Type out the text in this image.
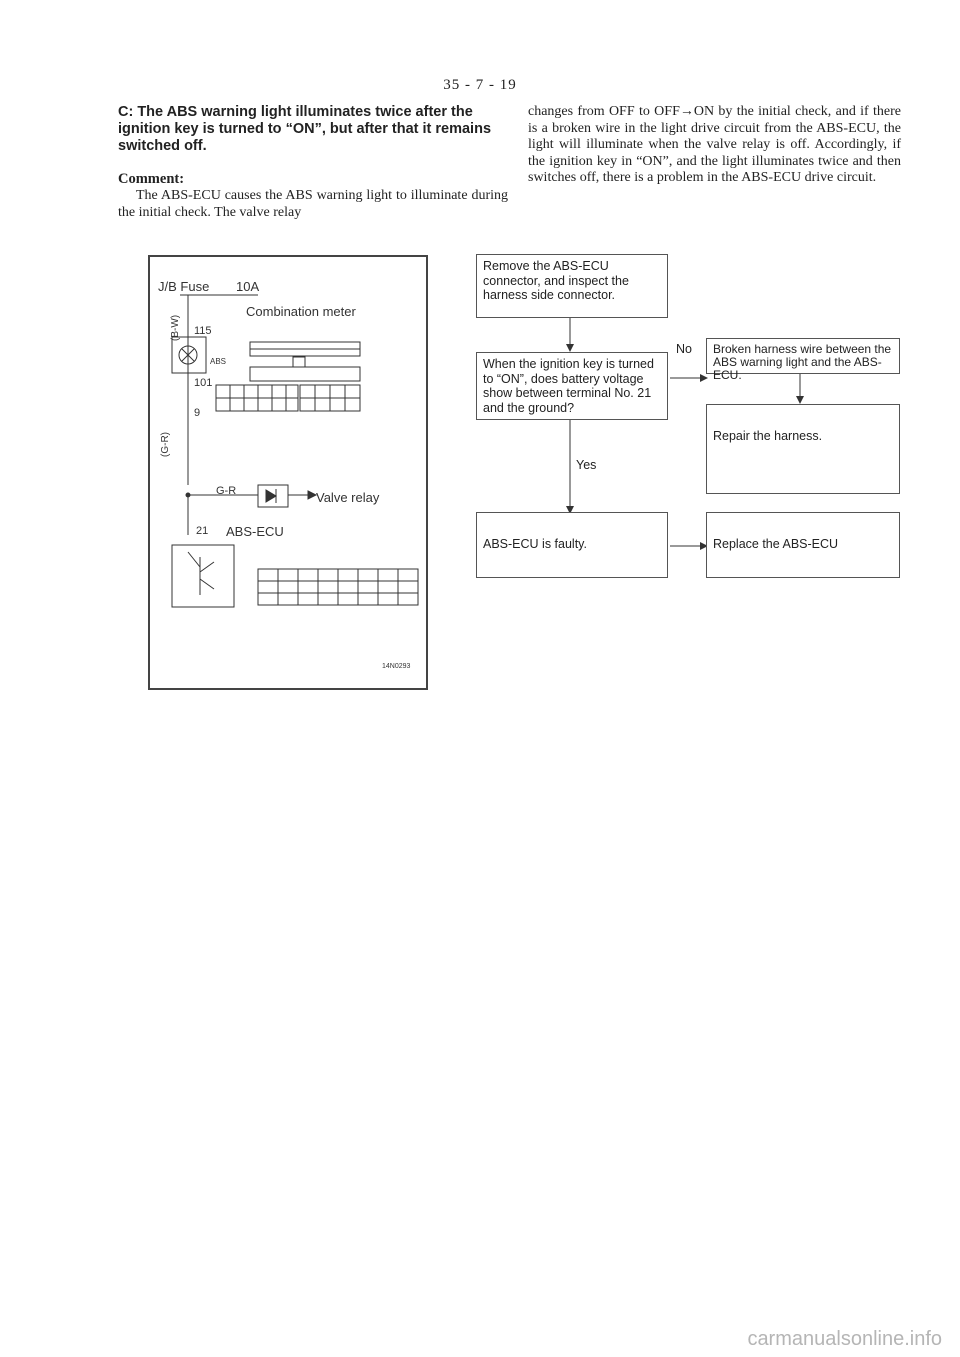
35 - 7 - 19
C: The ABS warning light illuminates twice after the ignition key is turned to “ON”, but after that it remains switched off.
Comment:
The ABS-ECU causes the ABS warning light to illuminate during the initial check. The valve relay
changes from OFF to OFF→ON by the initial check, and if there is a broken wire in the light drive circuit from the ABS-ECU, the light will illuminate when the valve relay is off. Accordingly, if the ignition key in “ON”, and the light illuminates twice and then switches off, there is a problem in the ABS-ECU drive circuit.
J/B Fuse 10A
Combination meter
(B-W) 115
ABS
101
9
(G-R)
G-R	Valve relay
21 ABS-ECU
14N0293
Remove the ABS-ECU connector, and inspect the harness side connector.
When the ignition key is turned to “ON”, does battery voltage show between terminal No. 21 and the ground?
Broken harness wire between the ABS warning light and the ABS-ECU.
Repair the harness.
ABS-ECU is faulty.	Replace the ABS-ECU
No
Yes
carmanualsonline.info
